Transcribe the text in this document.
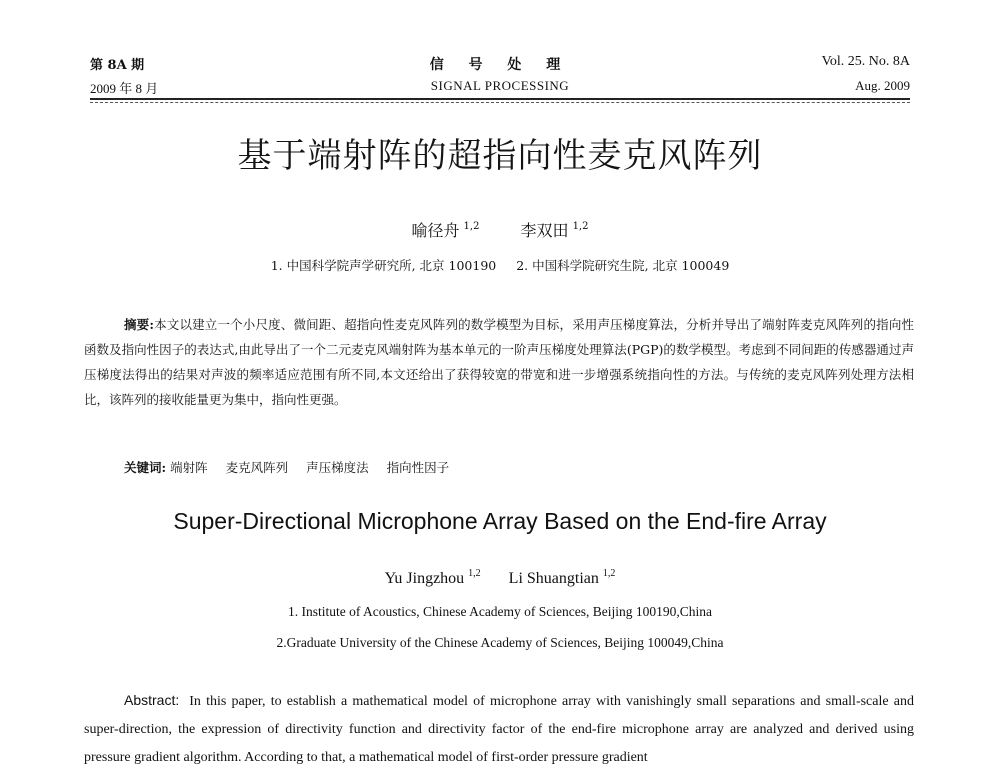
第 8A 期	信 号 处 理	Vol. 25. No. 8A
2009 年 8 月	SIGNAL PROCESSING	Aug. 2009
基于端射阵的超指向性麦克风阵列
喻径舟 $^{1,2}$	李双田 $^{1,2}$
1. 中国科学院声学研究所, 北京 100190 2. 中国科学院研究生院, 北京 100049
摘要:本文以建立一个小尺度、微间距、超指向性麦克风阵列的数学模型为目标，采用声压梯度算法，分析并导出了端射阵麦克风阵列的指向性函数及指向性因子的表达式,由此导出了一个二元麦克风端射阵为基本单元的一阶声压梯度处理算法(PGP)的数学模型。考虑到不同间距的传感器通过声压梯度法得出的结果对声波的频率适应范围有所不同,本文还给出了获得较宽的带宽和进一步增强系统指向性的方法。与传统的麦克风阵列处理方法相比，该阵列的接收能量更为集中，指向性更强。
关键词: 端射阵 麦克风阵列 声压梯度法 指向性因子
Super-Directional Microphone Array Based on the End-fire Array
Yu Jingzhou $^{1,2}$ Li Shuangtian $^{1,2}$
1. Institute of Acoustics, Chinese Academy of Sciences, Beijing 100190,China
2.Graduate University of the Chinese Academy of Sciences, Beijing 100049,China
Abstract: In this paper, to establish a mathematical model of microphone array with vanishingly small separations and small-scale and super-direction, the expression of directivity function and directivity factor of the end-fire microphone array are analyzed and derived using pressure gradient algorithm. According to that, a mathematical model of first-order pressure gradient
